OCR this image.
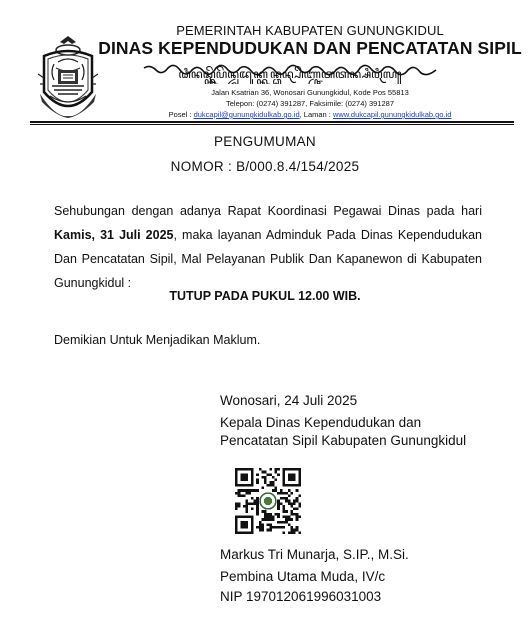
PEMERINTAH KABUPATEN GUNUNGKIDUL
DINAS KEPENDUDUKAN DAN PENCATATAN SIPIL
ꦣꦶꦤꦱ꧀ꦏꦼꦥꦼꦤ꧀ꦢꦸꦢꦸꦏ꧀ꦏꦤ꧀ꦣꦤ꧀ꦥꦼꦚ꧀ꦕꦠꦠꦤ꧀ꦱꦶꦥꦶꦭ꧀
Jalan Ksatrian 36, Wonosari Gunungkidul, Kode Pos 55813
Telepon: (0274) 391287, Faksimile: (0274) 391287
Posel : dukcapil@gunungkidulkab.go.id, Laman : www.dukcapil.gunungkidulkab.go.id
PENGUMUMAN
NOMOR : B/000.8.4/154/2025
Sehubungan dengan adanya Rapat Koordinasi Pegawai Dinas pada hari Kamis, 31 Juli 2025, maka layanan Adminduk Pada Dinas Kependudukan Dan Pencatatan Sipil, Mal Pelayanan Publik Dan Kapanewon di Kabupaten Gunungkidul :
TUTUP PADA PUKUL 12.00 WIB.
Demikian Untuk Menjadikan Maklum.
Wonosari, 24 Juli 2025
Kepala Dinas Kependudukan dan
Pencatatan Sipil Kabupaten Gunungkidul
Markus Tri Munarja, S.IP., M.Si.
Pembina Utama Muda, IV/c
NIP 197012061996031003
